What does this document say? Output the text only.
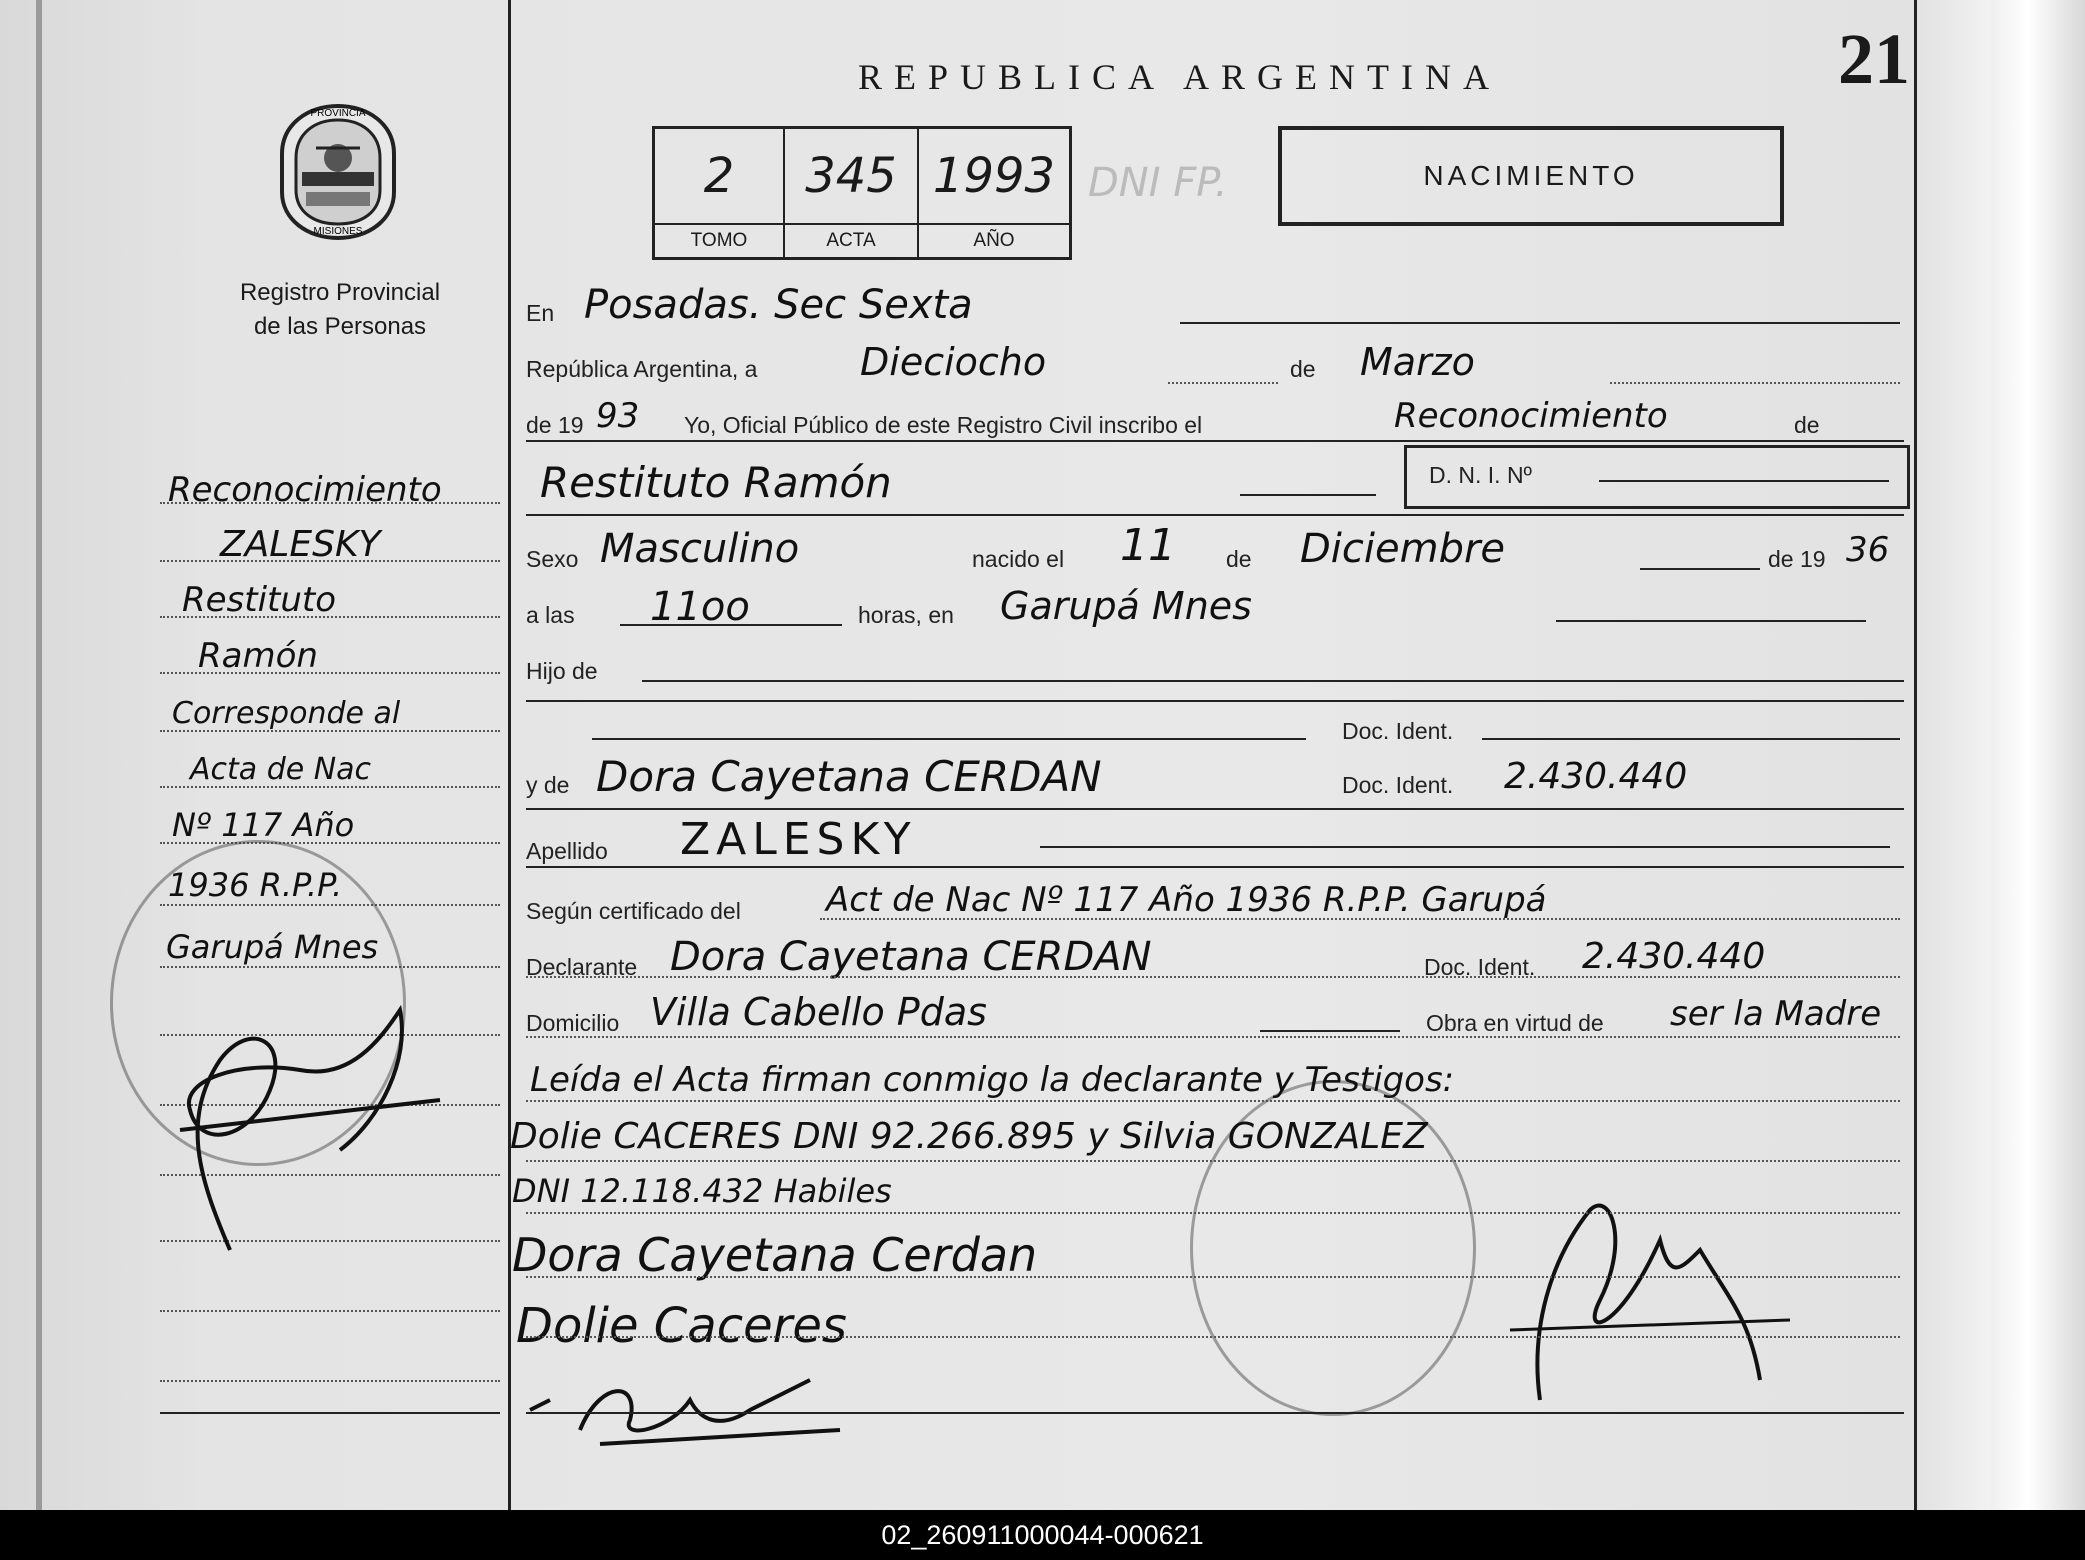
REPUBLICA ARGENTINA	21
2	345 1993
TOMO	ACTA	AÑO
DNI FP.	NACIMIENTO
PROVINCIA
MISIONES
Registro Provincial
de las Personas
Reconocimiento
ZALESKY
Restituto
Ramón
Corresponde al
Acta de Nac
Nº 117 Año
1936 R.P.P.
Garupá Mnes
En Posadas. Sec Sexta
República Argentina, a	Dieciocho	de Marzo
de 19 93 Yo, Oficial Público de este Registro Civil inscribo el	Reconocimiento	de
Restituto Ramón	D. N. I. Nº
Sexo Masculino	nacido el 11 de Diciembre	de 19 36
a las 11oo	horas, en Garupá Mnes
Hijo de
Doc. Ident.
y de Dora Cayetana CERDAN	Doc. Ident. 2.430.440
Apellido ZALESKY
Según certificado del	Act de Nac Nº 117 Año 1936 R.P.P. Garupá
Declarante Dora Cayetana CERDAN	Doc. Ident. 2.430.440
Domicilio Villa Cabello Pdas	Obra en virtud de ser la Madre
Leída el Acta firman conmigo la declarante y Testigos:
Dolie CACERES DNI 92.266.895 y Silvia GONZALEZ
DNI 12.118.432 Habiles
Dora Cayetana Cerdan
Dolie Caceres
02_260911000044-000621
